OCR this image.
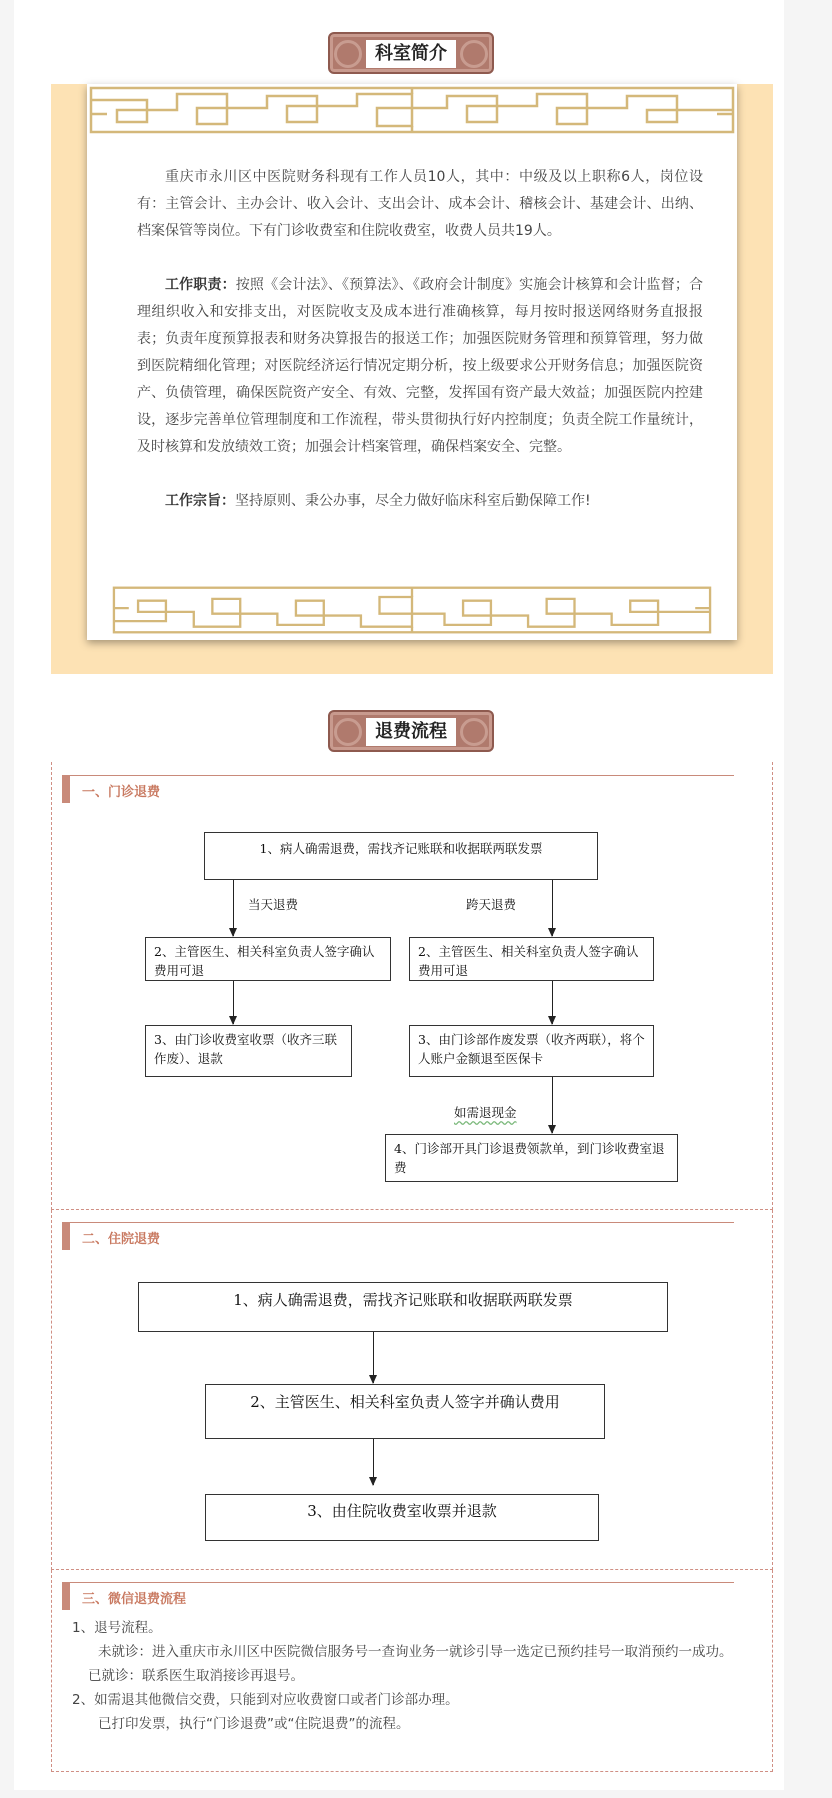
科室简介

重庆市永川区中医院财务科现有工作人员10人，其中：中级及以上职称6人，岗位设有：主管会计、主办会计、收入会计、支出会计、成本会计、稽核会计、基建会计、出纳、档案保管等岗位。下有门诊收费室和住院收费室，收费人员共19人。

工作职责：按照《会计法》、《预算法》、《政府会计制度》实施会计核算和会计监督；合理组织收入和安排支出，对医院收支及成本进行准确核算，每月按时报送网络财务直报报表；负责年度预算报表和财务决算报告的报送工作；加强医院财务管理和预算管理，努力做到医院精细化管理；对医院经济运行情况定期分析，按上级要求公开财务信息；加强医院资产、负债管理，确保医院资产安全、有效、完整，发挥国有资产最大效益；加强医院内控建设，逐步完善单位管理制度和工作流程，带头贯彻执行好内控制度；负责全院工作量统计，及时核算和发放绩效工资；加强会计档案管理，确保档案安全、完整。

工作宗旨：坚持原则、秉公办事，尽全力做好临床科室后勤保障工作!

退费流程
一、门诊退费
1、病人确需退费，需找齐记账联和收据联两联发票
当天退费	跨天退费
2、主管医生、相关科室负责人签字确认费用可退
2、主管医生、相关科室负责人签字确认费用可退
3、由门诊收费室收票（收齐三联作废）、退款
3、由门诊部作废发票（收齐两联），将个人账户金额退至医保卡
如需退现金
4、门诊部开具门诊退费领款单，到门诊收费室退费
二、住院退费
1、病人确需退费，需找齐记账联和收据联两联发票
2、主管医生、相关科室负责人签字并确认费用
3、由住院收费室收票并退款
三、微信退费流程
1、退号流程。
未就诊：进入重庆市永川区中医院微信服务号一查询业务一就诊引导一选定已预约挂号一取消预约一成功。
已就诊：联系医生取消接诊再退号。
2、如需退其他微信交费，只能到对应收费窗口或者门诊部办理。
已打印发票，执行“门诊退费”或“住院退费”的流程。
